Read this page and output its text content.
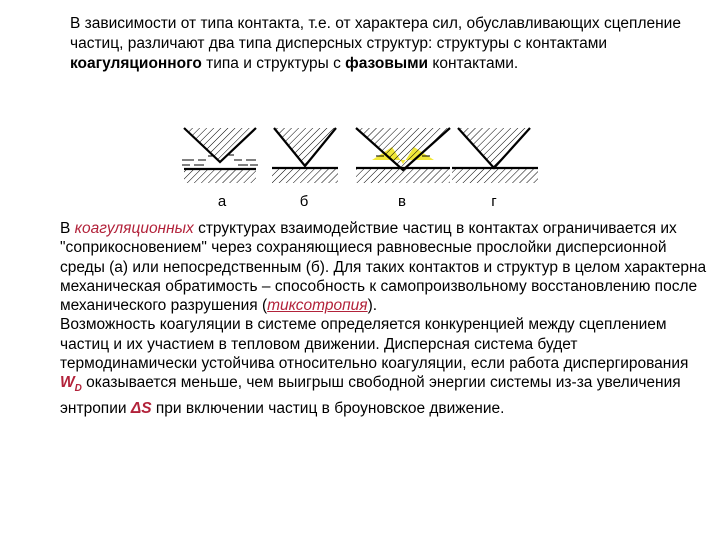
В зависимости от типа контакта, т.е. от характера сил, обуславливающих сцепление частиц, различают два типа дисперсных структур: структуры с контактами коагуляционного типа и структуры с фазовыми контактами.

а	б	в	г

В коагуляционных структурах взаимодействие частиц в контактах ограничивается их "соприкосновением" через сохраняющиеся равновесные прослойки дисперсионной среды (а) или непосредственным (б). Для таких контактов и структур в целом характерна механическая обратимость – способность к самопроизвольному восстановлению после механического разрушения (тиксотропия).

Возможность коагуляции в системе определяется конкуренцией между сцеплением частиц и их участием в тепловом движении. Дисперсная система будет термодинамически устойчива относительно коагуляции, если работа диспергирования $W_D$ оказывается меньше, чем выигрыш свободной энергии системы из-за увеличения энтропии ΔS при включении частиц в броуновское движение.
